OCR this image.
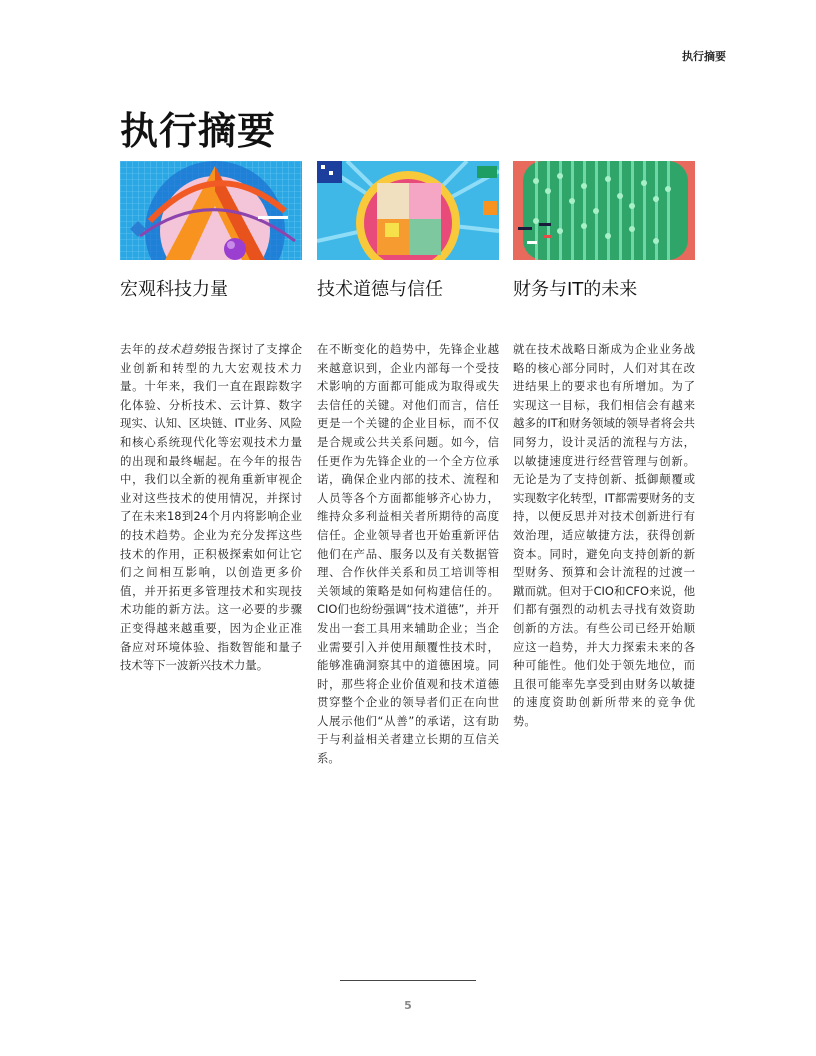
执行摘要
执行摘要
宏观科技力量

去年的技术趋势报告探讨了支撑企业创新和转型的九大宏观技术力量。十年来，我们一直在跟踪数字化体验、分析技术、云计算、数字现实、认知、区块链、IT业务、风险和核心系统现代化等宏观技术力量的出现和最终崛起。在今年的报告中，我们以全新的视角重新审视企业对这些技术的使用情况，并探讨了在未来18到24个月内将影响企业的技术趋势。企业为充分发挥这些技术的作用，正积极探索如何让它们之间相互影响，以创造更多价值，并开拓更多管理技术和实现技术功能的新方法。这一必要的步骤正变得越来越重要，因为企业正准备应对环境体验、指数智能和量子技术等下一波新兴技术力量。

技术道德与信任

在不断变化的趋势中，先锋企业越来越意识到，企业内部每一个受技术影响的方面都可能成为取得或失去信任的关键。对他们而言，信任更是一个关键的企业目标，而不仅是合规或公共关系问题。如今，信任更作为先锋企业的一个全方位承诺，确保企业内部的技术、流程和人员等各个方面都能够齐心协力，维持众多利益相关者所期待的高度信任。企业领导者也开始重新评估他们在产品、服务以及有关数据管理、合作伙伴关系和员工培训等相关领域的策略是如何构建信任的。CIO们也纷纷强调“技术道德”，并开发出一套工具用来辅助企业；当企业需要引入并使用颠覆性技术时，能够准确洞察其中的道德困境。同时，那些将企业价值观和技术道德贯穿整个企业的领导者们正在向世人展示他们“从善”的承诺，这有助于与利益相关者建立长期的互信关系。

财务与IT的未来

就在技术战略日渐成为企业业务战略的核心部分同时，人们对其在改进结果上的要求也有所增加。为了实现这一目标，我们相信会有越来越多的IT和财务领域的领导者将会共同努力，设计灵活的流程与方法，以敏捷速度进行经营管理与创新。无论是为了支持创新、抵御颠覆或实现数字化转型，IT都需要财务的支持，以便反思并对技术创新进行有效治理，适应敏捷方法，获得创新资本。同时，避免向支持创新的新型财务、预算和会计流程的过渡一蹴而就。但对于CIO和CFO来说，他们都有强烈的动机去寻找有效资助创新的方法。有些公司已经开始顺应这一趋势，并大力探索未来的各种可能性。他们处于领先地位，而且很可能率先享受到由财务以敏捷的速度资助创新所带来的竞争优势。

5
